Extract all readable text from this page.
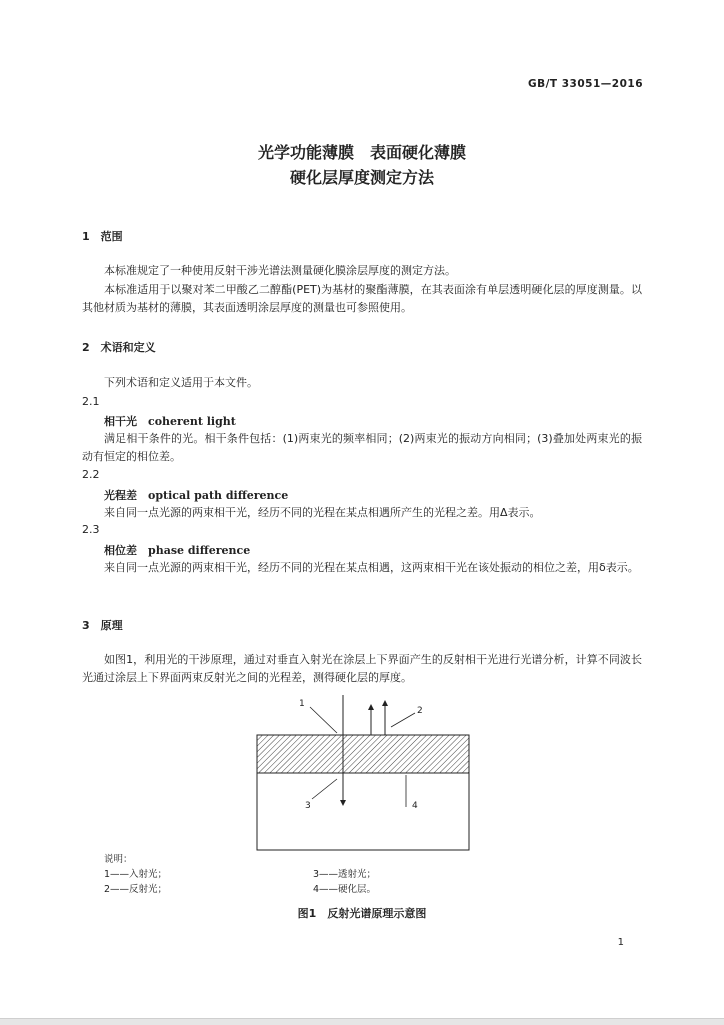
GB/T 33051—2016
光学功能薄膜　表面硬化薄膜
硬化层厚度测定方法
1　范围
本标准规定了一种使用反射干涉光谱法测量硬化膜涂层厚度的测定方法。
本标准适用于以聚对苯二甲酸乙二醇酯(PET)为基材的聚酯薄膜，在其表面涂有单层透明硬化层的厚度测量。以其他材质为基材的薄膜，其表面透明涂层厚度的测量也可参照使用。
2　术语和定义
下列术语和定义适用于本文件。
2.1
相干光　 coherent light
满足相干条件的光。相干条件包括：(1)两束光的频率相同；(2)两束光的振动方向相同；(3)叠加处两束光的振动有恒定的相位差。
2.2
光程差　 optical path difference
来自同一点光源的两束相干光，经历不同的光程在某点相遇所产生的光程之差。用Δ表示。
2.3
相位差　 phase difference
来自同一点光源的两束相干光，经历不同的光程在某点相遇，这两束相干光在该处振动的相位之差，用δ表示。
3　原理
如图1，利用光的干涉原理，通过对垂直入射光在涂层上下界面产生的反射相干光进行光谱分析，计算不同波长光通过涂层上下界面两束反射光之间的光程差，测得硬化层的厚度。
1
2
3	4
说明：
1——入射光；
2——反射光；
3——透射光；
4——硬化层。
图1　反射光谱原理示意图
1
